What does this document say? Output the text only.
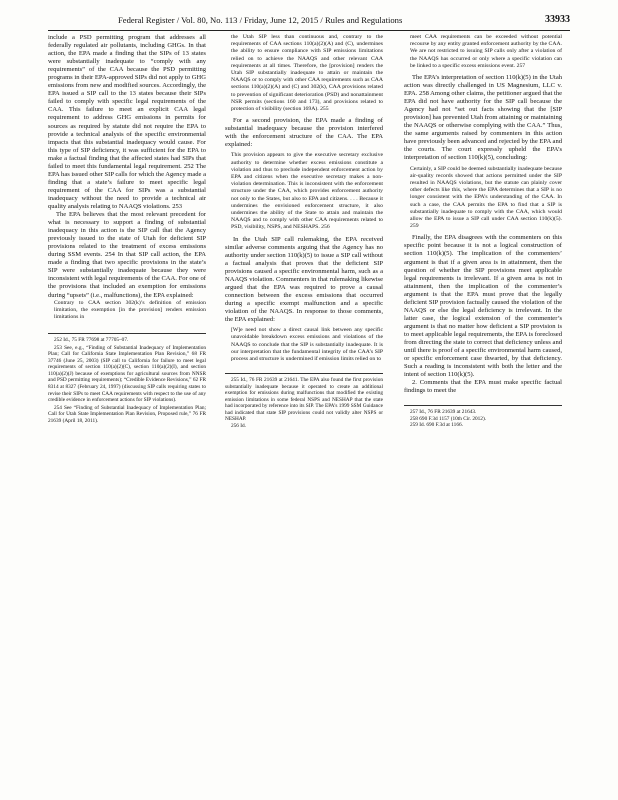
Federal Register / Vol. 80, No. 113 / Friday, June 12, 2015 / Rules and Regulations	33933

include a PSD permitting program that addresses all federally regulated air pollutants, including GHGs. In that action, the EPA made a finding that the SIPs of 13 states were substantially inadequate to “comply with any requirements” of the CAA because the PSD permitting programs in their EPA-approved SIPs did not apply to GHG emissions from new and modified sources. Accordingly, the EPA issued a SIP call to the 13 states because their SIPs failed to comply with specific legal requirements of the CAA. This failure to meet an explicit CAA legal requirement to address GHG emissions in permits for sources as required by statute did not require the EPA to provide a technical analysis of the specific environmental impacts that this substantial inadequacy would cause. For this type of SIP deficiency, it was sufficient for the EPA to make a factual finding that the affected states had SIPs that failed to meet this fundamental legal requirement. 252 The EPA has issued other SIP calls for which the Agency made a finding that a state’s failure to meet specific legal requirement of the CAA for SIPs was a substantial inadequacy without the need to provide a technical air quality analysis relating to NAAQS violations. 253

The EPA believes that the most relevant precedent for what is necessary to support a finding of substantial inadequacy in this action is the SIP call that the Agency previously issued to the state of Utah for deficient SIP provisions related to the treatment of excess emissions during SSM events. 254 In that SIP call action, the EPA made a finding that two specific provisions in the state’s SIP were substantially inadequate because they were inconsistent with legal requirements of the CAA. For one of the provisions that included an exemption for emissions during “upsets” (i.e., malfunctions), the EPA explained:

Contrary to CAA section 302(k)’s definition of emission limitation, the exemption [in the provision] renders emission limitations in

252 Id., 75 FR 77698 at 77705–07.

253 See, e.g., “Finding of Substantial Inadequacy of Implementation Plan; Call for California State Implementation Plan Revision,” 68 FR 37746 (June 25, 2003) (SIP call to California for failure to meet legal requirements of section 110(a)(2)(C), section 110(a)(2)(I), and section 110(a)(2)(J) because of exemptions for agricultural sources from NNSR and PSD permitting requirements); “Credible Evidence Revisions,” 62 FR 8314 at 8327 (February 24, 1997) (discussing SIP calls requiring states to revise their SIPs to meet CAA requirements with respect to the use of any credible evidence in enforcement actions for SIP violations).

254 See “Finding of Substantial Inadequacy of Implementation Plan; Call for Utah State Implementation Plan Revision, Proposed rule,” 76 FR 21639 (April 18, 2011).

the Utah SIP less than continuous and, contrary to the requirements of CAA sections 110(a)(2)(A) and (C), undermines the ability to ensure compliance with SIP emissions limitations relied on to achieve the NAAQS and other relevant CAA requirements at all times. Therefore, the [provision] renders the Utah SIP substantially inadequate to attain or maintain the NAAQS or to comply with other CAA requirements such as CAA sections 110(a)(2)(A) and (C) and 302(k), CAA provisions related to prevention of significant deterioration (PSD) and nonattainment NSR permits (sections 160 and 173), and provisions related to protection of visibility (section 169A). 255

For a second provision, the EPA made a finding of substantial inadequacy because the provision interfered with the enforcement structure of the CAA. The EPA explained:

This provision appears to give the executive secretary exclusive authority to determine whether excess emissions constitute a violation and thus to preclude independent enforcement action by EPA and citizens when the executive secretary makes a non-violation determination. This is inconsistent with the enforcement structure under the CAA, which provides enforcement authority not only to the States, but also to EPA and citizens. . . . Because it undermines the envisioned enforcement structure, it also undermines the ability of the State to attain and maintain the NAAQS and to comply with other CAA requirements related to PSD, visibility, NSPS, and NESHAPS. 256

In the Utah SIP call rulemaking, the EPA received similar adverse comments arguing that the Agency has no authority under section 110(k)(5) to issue a SIP call without a factual analysis that proves that the deficient SIP provisions caused a specific environmental harm, such as a NAAQS violation. Commenters in that rulemaking likewise argued that the EPA was required to prove a causal connection between the excess emissions that occurred during a specific exempt malfunction and a specific violation of the NAAQS. In response to those comments, the EPA explained:

[W]e need not show a direct causal link between any specific unavoidable breakdown excess emissions and violations of the NAAQS to conclude that the SIP is substantially inadequate. It is our interpretation that the fundamental integrity of the CAA’s SIP process and structure is undermined if emission limits relied on to

255 Id., 76 FR 21639 at 21641. The EPA also found the first provision substantially inadequate because it operated to create an additional exemption for emissions during malfunctions that modified the existing emission limitations in some federal NSPS and NESHAP that the state had incorporated by reference into its SIP. The EPA’s 1999 SSM Guidance had indicated that state SIP provisions could not validly alter NSPS or NESHAP.

256 Id.

meet CAA requirements can be exceeded without potential recourse by any entity granted enforcement authority by the CAA. We are not restricted to issuing SIP calls only after a violation of the NAAQS has occurred or only where a specific violation can be linked to a specific excess emissions event. 257

The EPA’s interpretation of section 110(k)(5) in the Utah action was directly challenged in US Magnesium, LLC v. EPA. 258 Among other claims, the petitioner argued that the EPA did not have authority for the SIP call because the Agency had not “set out facts showing that the [SIP provision] has prevented Utah from attaining or maintaining the NAAQS or otherwise complying with the CAA.” Thus, the same arguments raised by commenters in this action have previously been advanced and rejected by the EPA and the courts. The court expressly upheld the EPA’s interpretation of section 110(k)(5), concluding:

Certainly, a SIP could be deemed substantially inadequate because air-quality records showed that actions permitted under the SIP resulted in NAAQS violations, but the statute can plainly cover other defects like this, where the EPA determines that a SIP is no longer consistent with the EPA’s understanding of the CAA. In such a case, the CAA permits the EPA to find that a SIP is substantially inadequate to comply with the CAA, which would allow the EPA to issue a SIP call under CAA section 110(k)(5). 259

Finally, the EPA disagrees with the commenters on this specific point because it is not a logical construction of section 110(k)(5). The implication of the commenters’ argument is that if a given area is in attainment, then the question of whether the SIP provisions meet applicable legal requirements is irrelevant. If a given area is not in attainment, then the implication of the commenter’s argument is that the EPA must prove that the legally deficient SIP provision factually caused the violation of the NAAQS or else the legal deficiency is irrelevant. In the latter case, the logical extension of the commenter’s argument is that no matter how deficient a SIP provision is to meet applicable legal requirements, the EPA is foreclosed from directing the state to correct that deficiency unless and until there is proof of a specific environmental harm caused, or specific enforcement case thwarted, by that deficiency. Such a reading is inconsistent with both the letter and the intent of section 110(k)(5).

2. Comments that the EPA must make specific factual findings to meet the

257 Id., 76 FR 21639 at 21643.

258 690 F.3d 1157 (10th Cir. 2012).

259 Id. 690 F.3d at 1166.
